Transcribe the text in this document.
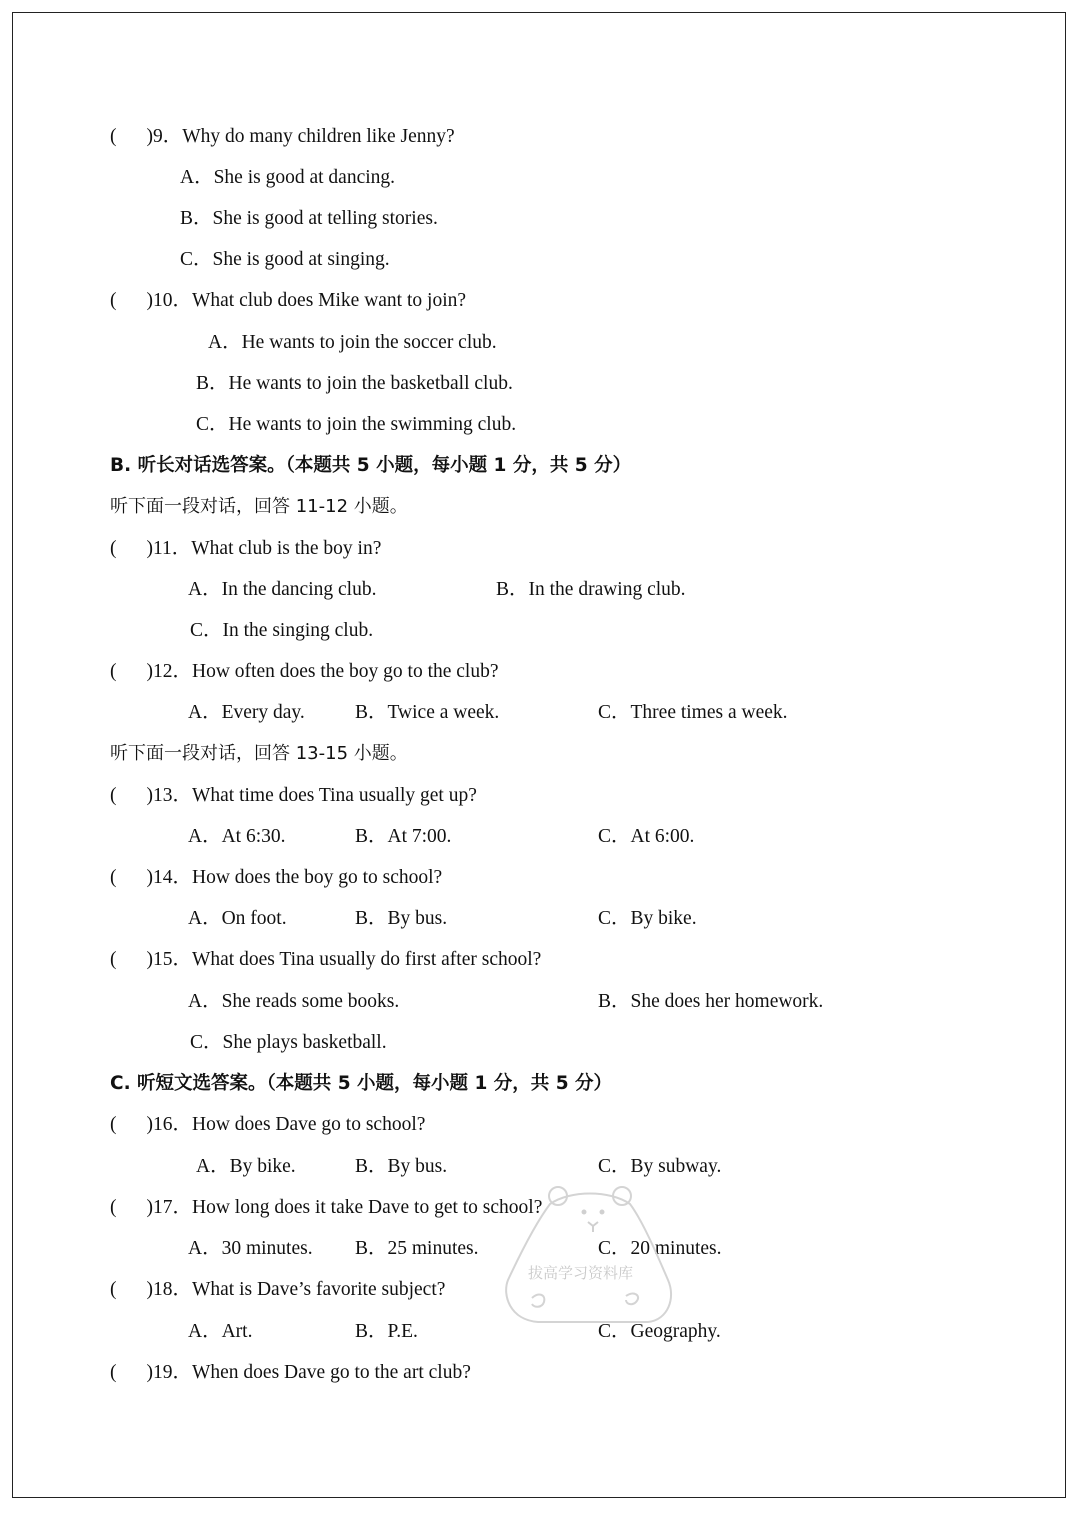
( )9．Why do many children like Jenny?
A．She is good at dancing.
B．She is good at telling stories.
C．She is good at singing.
( )10．What club does Mike want to join?
A．He wants to join the soccer club.
B．He wants to join the basketball club.
C．He wants to join the swimming club.
B. 听长对话选答案。（本题共 5 小题，每小题 1 分，共 5 分）
听下面一段对话，回答 11-12 小题。
( )11．What club is the boy in?
A．In the dancing club.	B．In the drawing club.
C．In the singing club.
( )12．How often does the boy go to the club?
A．Every day.	B．Twice a week.	C．Three times a week.
听下面一段对话，回答 13-15 小题。
( )13．What time does Tina usually get up?
A．At 6:30.	B．At 7:00.	C．At 6:00.
( )14．How does the boy go to school?
A．On foot.	B．By bus.	C．By bike.
( )15．What does Tina usually do first after school?
A．She reads some books.	B．She does her homework.
C．She plays basketball.
C. 听短文选答案。（本题共 5 小题，每小题 1 分，共 5 分）
( )16．How does Dave go to school?
A．By bike.	B．By bus.	C．By subway.
( )17．How long does it take Dave to get to school?
A．30 minutes. B．25 minutes.	C．20 minutes.
( )18．What is Dave’s favorite subject?
A．Art.	B．P.E.	C．Geography.
( )19．When does Dave go to the art club?
拔高学习资料库
